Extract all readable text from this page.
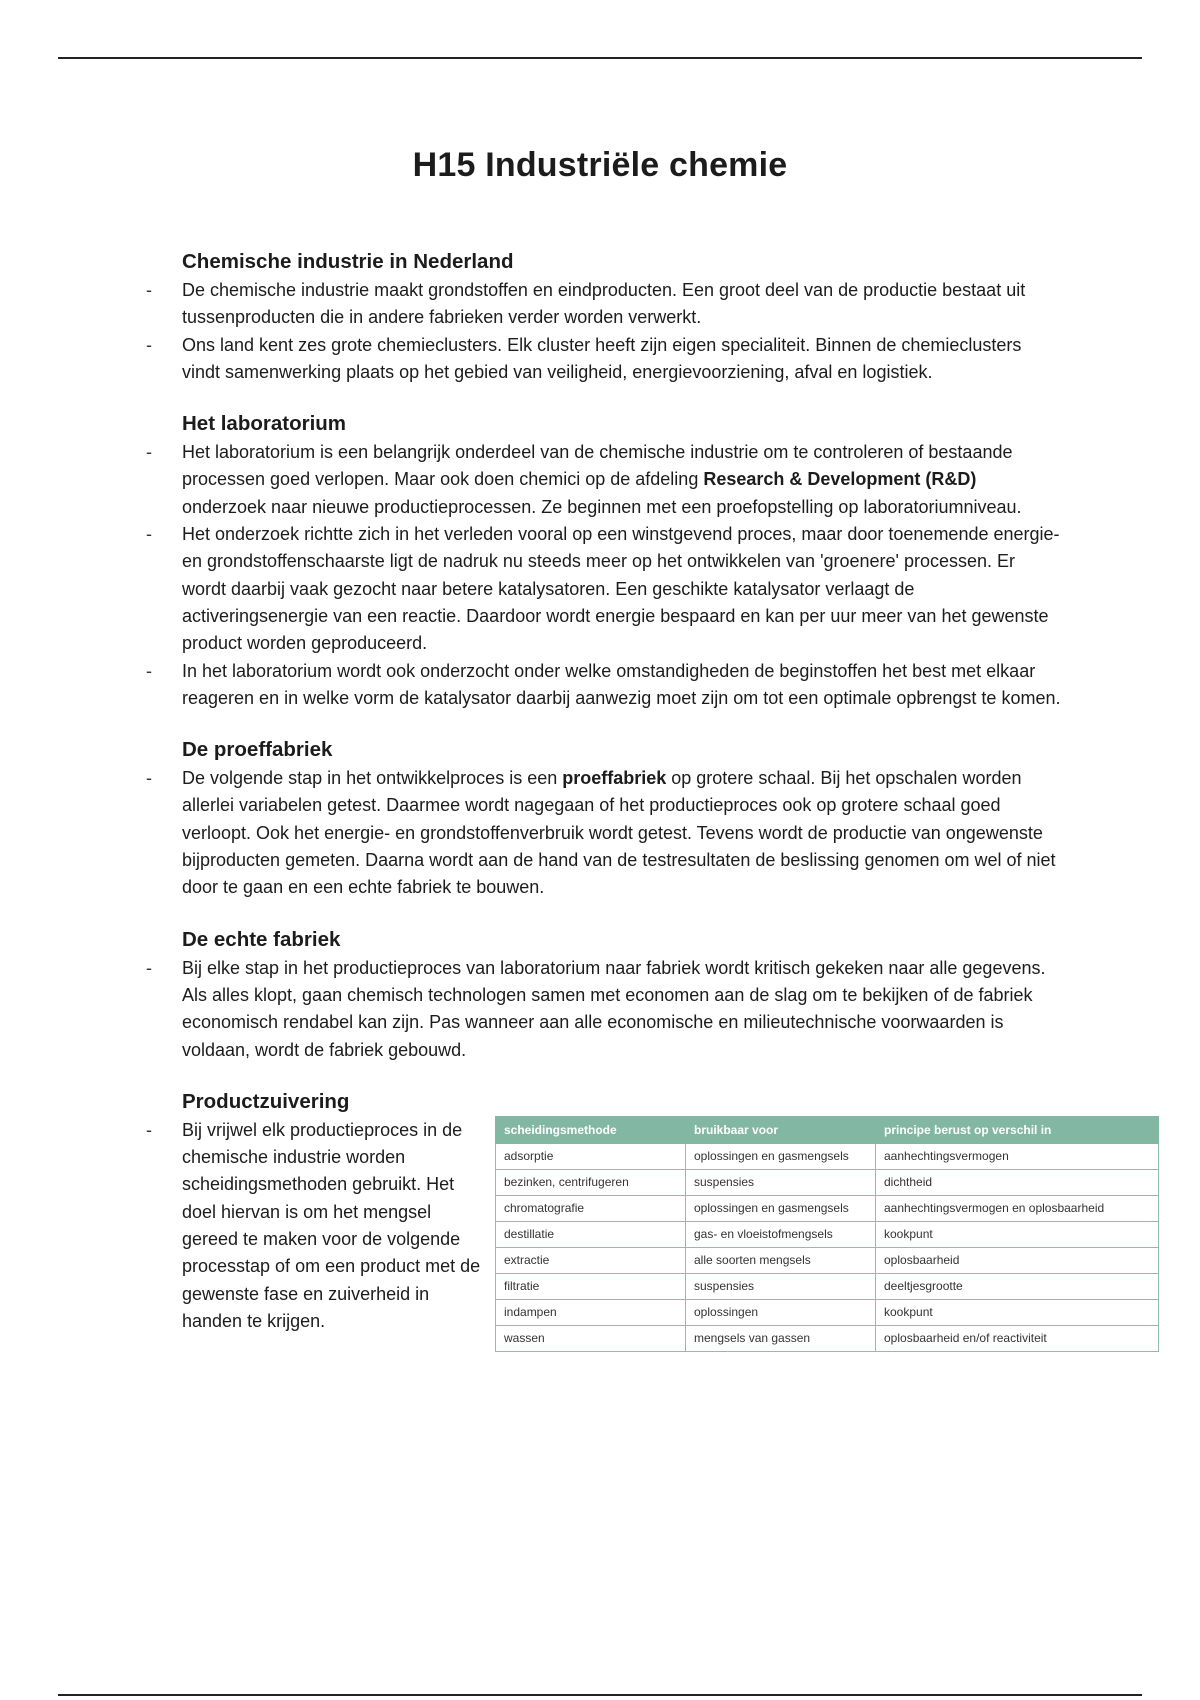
H15 Industriële chemie
Chemische industrie in Nederland
- De chemische industrie maakt grondstoffen en eindproducten. Een groot deel van de productie bestaat uit tussenproducten die in andere fabrieken verder worden verwerkt.
- Ons land kent zes grote chemieclusters. Elk cluster heeft zijn eigen specialiteit. Binnen de chemieclusters vindt samenwerking plaats op het gebied van veiligheid, energievoorziening, afval en logistiek.
Het laboratorium
- Het laboratorium is een belangrijk onderdeel van de chemische industrie om te controleren of bestaande processen goed verlopen. Maar ook doen chemici op de afdeling Research & Development (R&D) onderzoek naar nieuwe productieprocessen. Ze beginnen met een proefopstelling op laboratoriumniveau.
- Het onderzoek richtte zich in het verleden vooral op een winstgevend proces, maar door toenemende energie- en grondstoffenschaarste ligt de nadruk nu steeds meer op het ontwikkelen van 'groenere' processen. Er wordt daarbij vaak gezocht naar betere katalysatoren. Een geschikte katalysator verlaagt de activeringsenergie van een reactie. Daardoor wordt energie bespaard en kan per uur meer van het gewenste product worden geproduceerd.
- In het laboratorium wordt ook onderzocht onder welke omstandigheden de beginstoffen het best met elkaar reageren en in welke vorm de katalysator daarbij aanwezig moet zijn om tot een optimale opbrengst te komen.
De proeffabriek
- De volgende stap in het ontwikkelproces is een proeffabriek op grotere schaal. Bij het opschalen worden allerlei variabelen getest. Daarmee wordt nagegaan of het productieproces ook op grotere schaal goed verloopt. Ook het energie- en grondstoffenverbruik wordt getest. Tevens wordt de productie van ongewenste bijproducten gemeten. Daarna wordt aan de hand van de testresultaten de beslissing genomen om wel of niet door te gaan en een echte fabriek te bouwen.
De echte fabriek
- Bij elke stap in het productieproces van laboratorium naar fabriek wordt kritisch gekeken naar alle gegevens. Als alles klopt, gaan chemisch technologen samen met economen aan de slag om te bekijken of de fabriek economisch rendabel kan zijn. Pas wanneer aan alle economische en milieutechnische voorwaarden is voldaan, wordt de fabriek gebouwd.
Productzuivering
- Bij vrijwel elk productieproces in de chemische industrie worden scheidingsmethoden gebruikt. Het doel hiervan is om het mengsel gereed te maken voor de volgende processtap of om een product met de gewenste fase en zuiverheid in handen te krijgen.
scheidingsmethode	bruikbaar voor	principe berust op verschil in
adsorptie	oplossingen en gasmengsels	aanhechtingsvermogen
bezinken, centrifugeren	suspensies	dichtheid
chromatografie	oplossingen en gasmengsels	aanhechtingsvermogen en oplosbaarheid
destillatie	gas- en vloeistofmengsels	kookpunt
extractie	alle soorten mengsels	oplosbaarheid
filtratie	suspensies	deeltjesgrootte
indampen	oplossingen	kookpunt
wassen	mengsels van gassen	oplosbaarheid en/of reactiviteit
